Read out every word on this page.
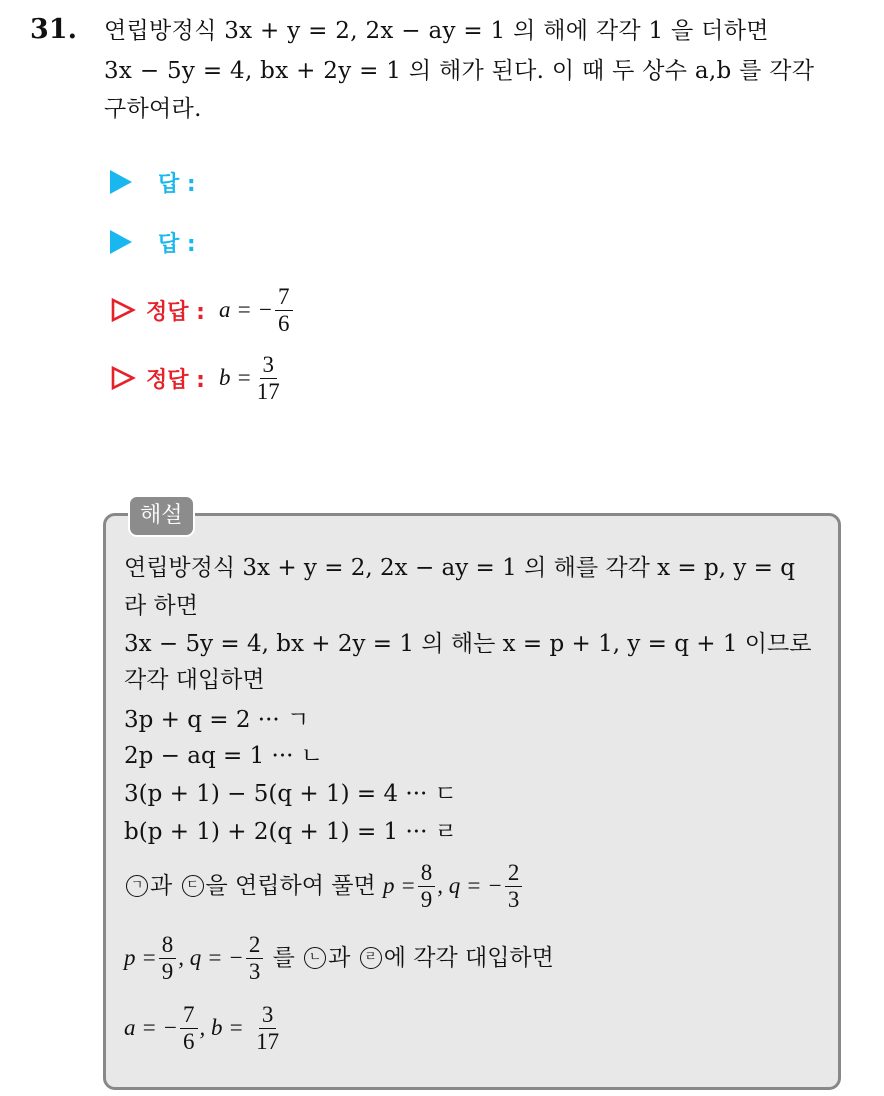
31. 연립방정식 3x + y = 2, 2x − ay = 1 의 해에 각각 1 을 더하면
3x − 5y = 4, bx + 2y = 1 의 해가 된다. 이 때 두 상수 a,b 를 각각
구하여라.
답 :
답 :
정답 : a = − $\frac{7}{6}$
정답 : $b = \frac{3}{17}$
해설
연립방정식 3x + y = 2, 2x − ay = 1 의 해를 각각 x = p, y = q
라 하면
3x − 5y = 4, bx + 2y = 1 의 해는 x = p + 1, y = q + 1 이므로
각각 대입하면
3p + q = 2 ··· ㄱ
2p − aq = 1 ··· ㄴ
3(p + 1) − 5(q + 1) = 4 ··· ㄷ
b(p + 1) + 2(q + 1) = 1 ··· ㄹ
ㄱ 과
	ㄷ 을 연립하여 풀면
$p = \frac{8}{9}$ , q = − $\frac{2}{3}$
$p = \frac{8}{9}$ , q = − $\frac{2}{3}$
를
	ㄴ 과
	ㄹ 에 각각 대입하면
a = − $\frac{7}{6}$ , b =
$\frac{3}{17}$
